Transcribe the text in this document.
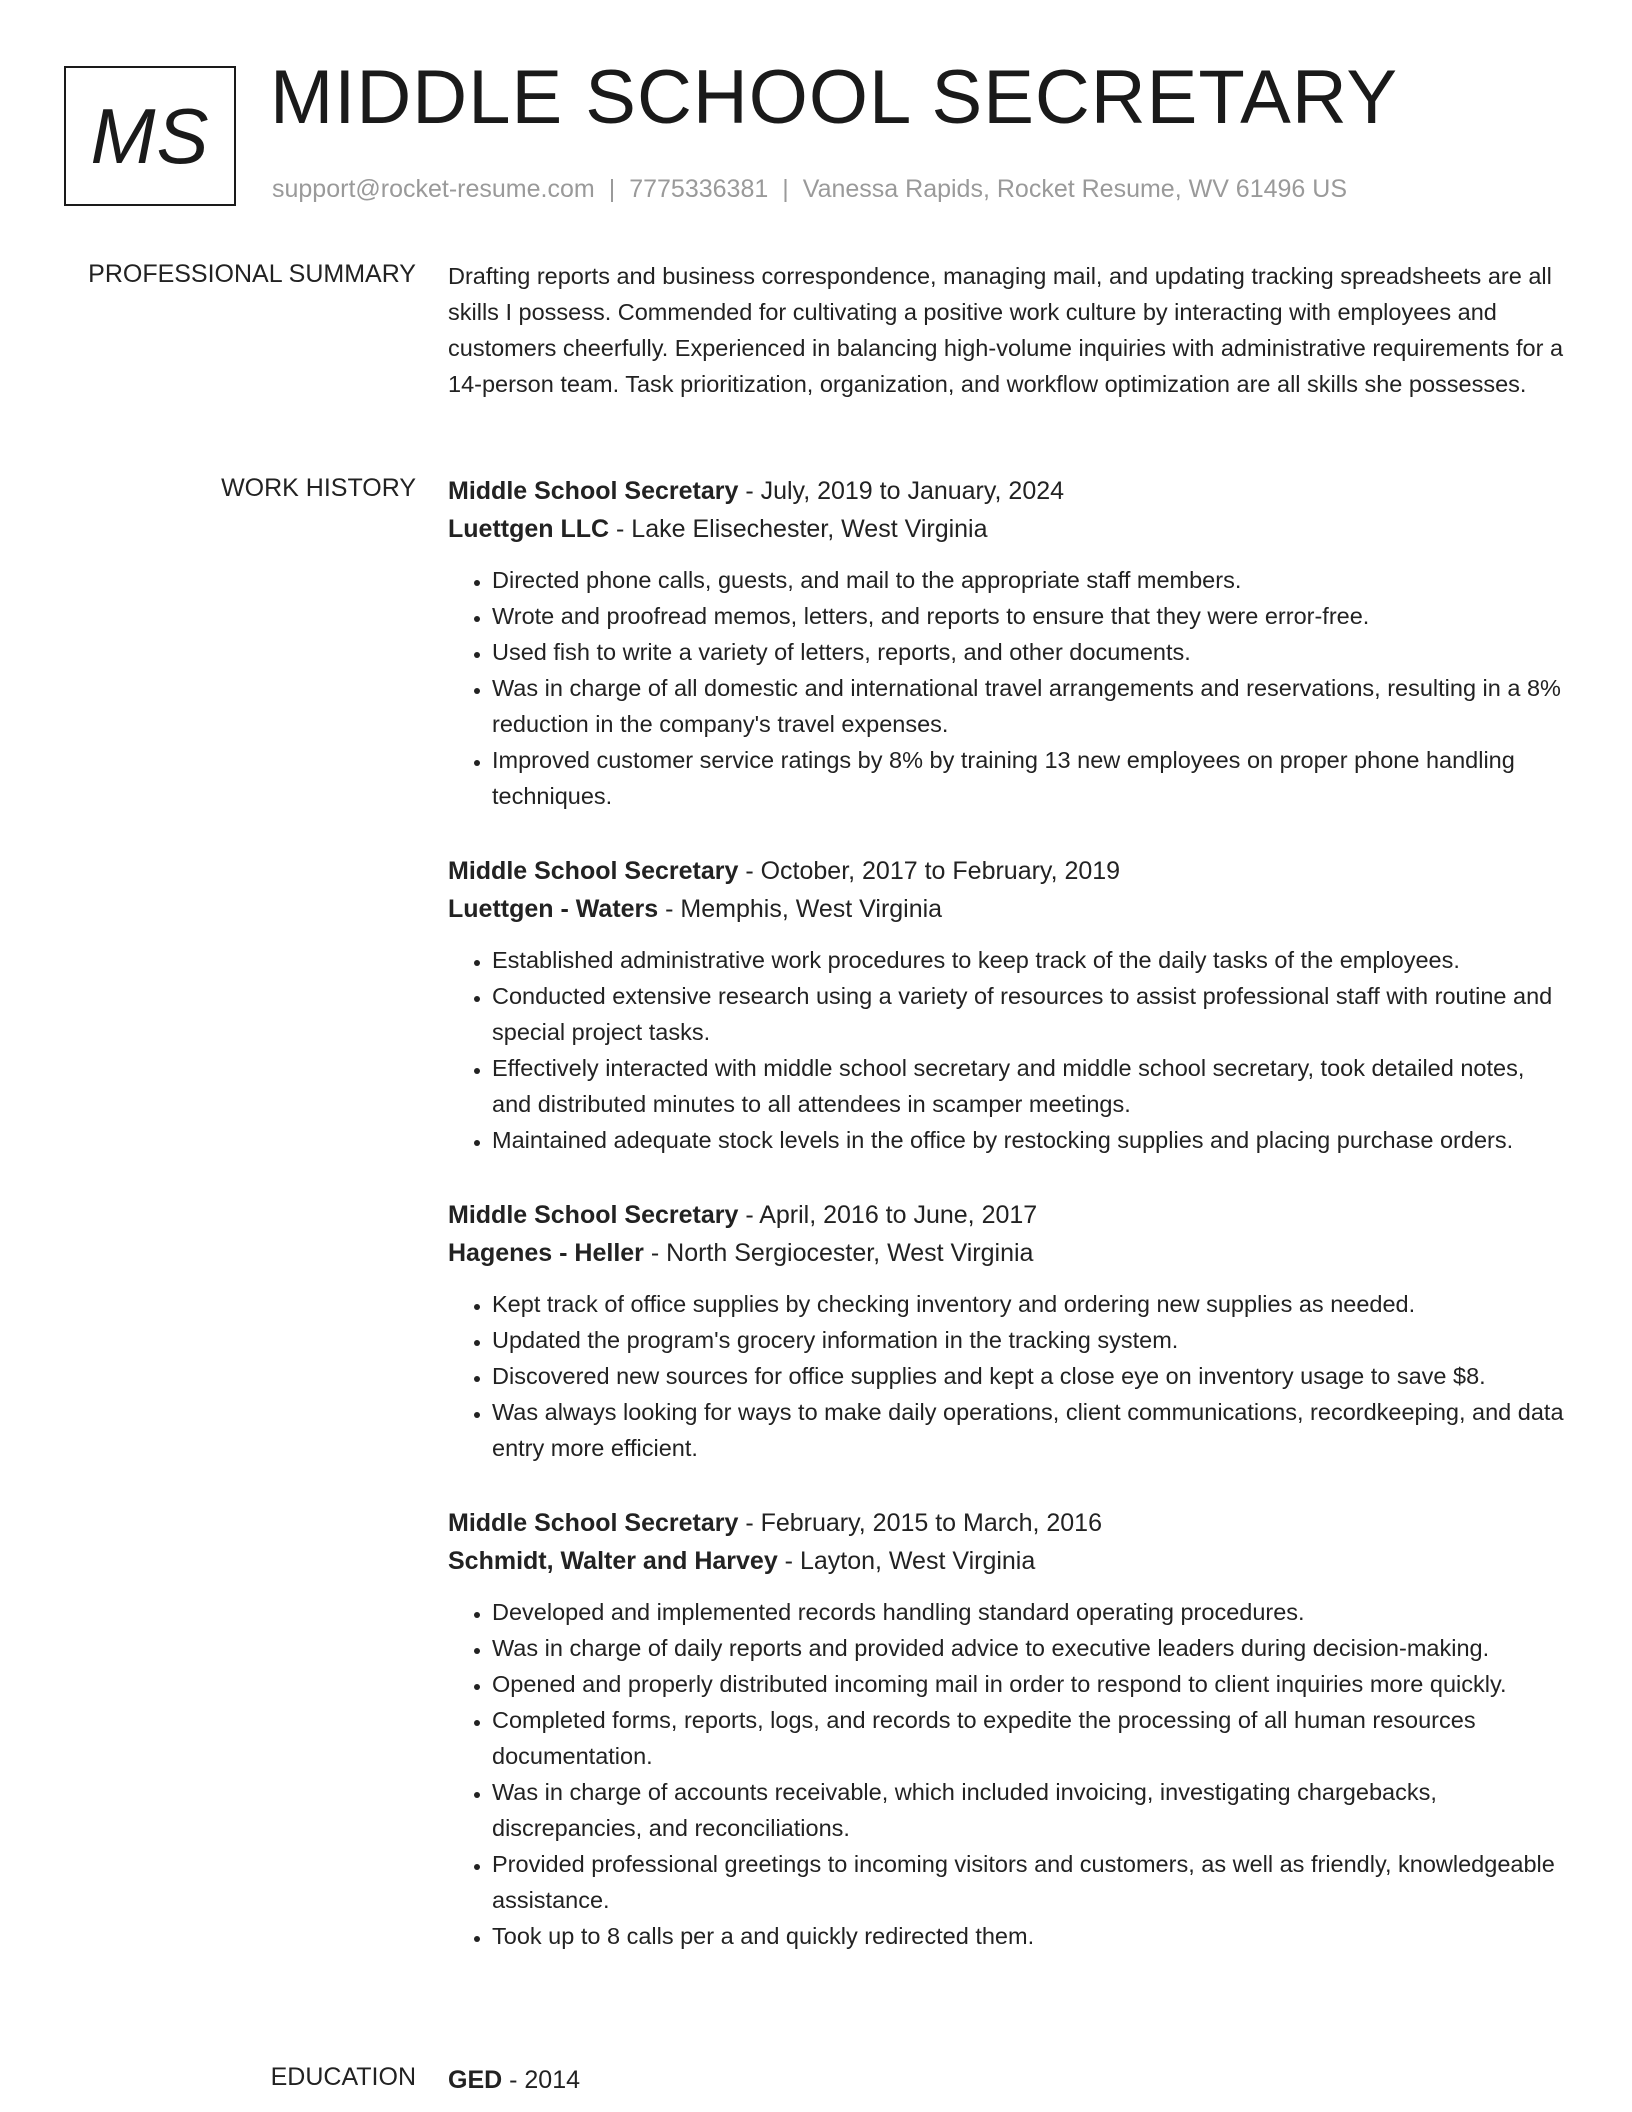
MS MIDDLE SCHOOL SECRETARY
support@rocket-resume.com | 7775336381 | Vanessa Rapids, Rocket Resume, WV 61496 US
PROFESSIONAL SUMMARY Drafting reports and business correspondence, managing mail, and updating tracking spreadsheets are all skills I possess. Commended for cultivating a positive work culture by interacting with employees and customers cheerfully. Experienced in balancing high-volume inquiries with administrative requirements for a 14-person team. Task prioritization, organization, and workflow optimization are all skills she possesses.

WORK HISTORY Middle School Secretary - July, 2019 to January, 2024
Luettgen LLC - Lake Elisechester, West Virginia
• Directed phone calls, guests, and mail to the appropriate staff members.
• Wrote and proofread memos, letters, and reports to ensure that they were error-free.
• Used fish to write a variety of letters, reports, and other documents.
• Was in charge of all domestic and international travel arrangements and reservations, resulting in a 8% reduction in the company's travel expenses.
• Improved customer service ratings by 8% by training 13 new employees on proper phone handling techniques.
Middle School Secretary - October, 2017 to February, 2019
Luettgen - Waters - Memphis, West Virginia
• Established administrative work procedures to keep track of the daily tasks of the employees.
• Conducted extensive research using a variety of resources to assist professional staff with routine and special project tasks.
• Effectively interacted with middle school secretary and middle school secretary, took detailed notes, and distributed minutes to all attendees in scamper meetings.
• Maintained adequate stock levels in the office by restocking supplies and placing purchase orders.
Middle School Secretary - April, 2016 to June, 2017
Hagenes - Heller - North Sergiocester, West Virginia
• Kept track of office supplies by checking inventory and ordering new supplies as needed.
• Updated the program's grocery information in the tracking system.
• Discovered new sources for office supplies and kept a close eye on inventory usage to save $8.
• Was always looking for ways to make daily operations, client communications, recordkeeping, and data entry more efficient.
Middle School Secretary - February, 2015 to March, 2016
Schmidt, Walter and Harvey - Layton, West Virginia
• Developed and implemented records handling standard operating procedures.
• Was in charge of daily reports and provided advice to executive leaders during decision-making.
• Opened and properly distributed incoming mail in order to respond to client inquiries more quickly.
• Completed forms, reports, logs, and records to expedite the processing of all human resources documentation.
• Was in charge of accounts receivable, which included invoicing, investigating chargebacks, discrepancies, and reconciliations.
• Provided professional greetings to incoming visitors and customers, as well as friendly, knowledgeable assistance.
• Took up to 8 calls per a and quickly redirected them.
EDUCATION GED - 2014
